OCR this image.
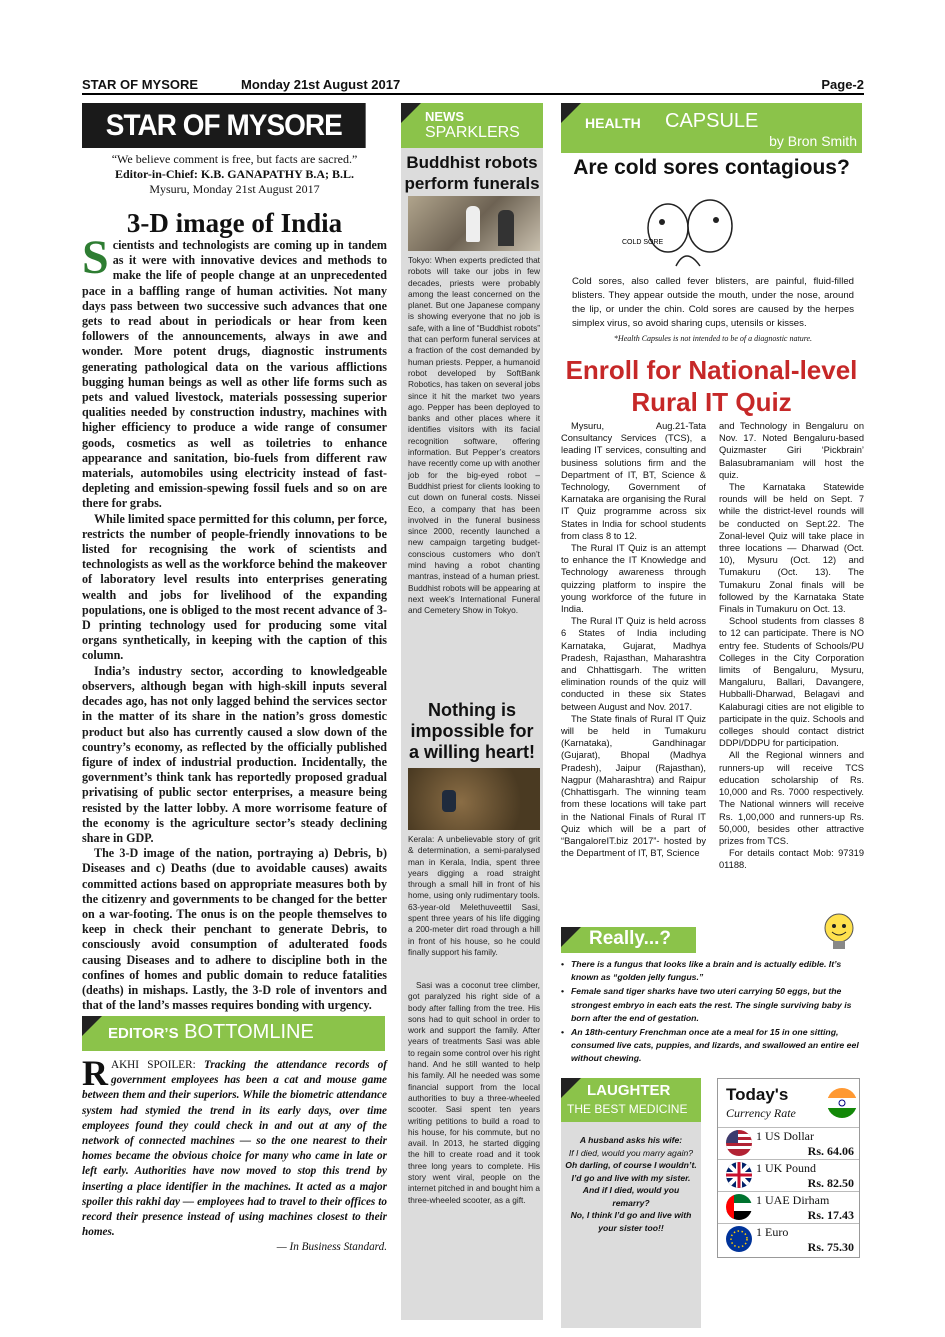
STAR OF MYSORE	Monday 21st August 2017	Page-2
STAR OF MYSORE
“We believe comment is free, but facts are sacred.”
Editor-in-Chief: K.B. GANAPATHY B.A; B.L.
Mysuru, Monday 21st August 2017
3-D image of India
S cientists and technologists are coming up in tandem as it were with innovative devices and methods to make the life of people change at an unprecedented pace in a baffling range of human activities. Not many days pass between two successive such advances that one gets to read about in periodicals or hear from keen followers of the announcements, always in awe and wonder. More potent drugs, diagnostic instruments generating pathological data on the various afflictions bugging human beings as well as other life forms such as pets and valued livestock, materials possessing superior qualities needed by construction industry, machines with higher efficiency to produce a wide range of consumer goods, cosmetics as well as toiletries to enhance appearance and sanitation, bio-fuels from different raw materials, automobiles using electricity instead of fast-depleting and emission-spewing fossil fuels and so on are there for grabs.

While limited space permitted for this column, per force, restricts the number of people-friendly innovations to be listed for recognising the work of scientists and technologists as well as the workforce behind the makeover of laboratory level results into enterprises generating wealth and jobs for livelihood of the expanding populations, one is obliged to the most recent advance of 3-D printing technology used for producing some vital organs synthetically, in keeping with the caption of this column.

India’s industry sector, according to knowledgeable observers, although began with high-skill inputs several decades ago, has not only lagged behind the services sector in the matter of its share in the nation’s gross domestic product but also has currently caused a slow down of the country’s economy, as reflected by the officially published figure of index of industrial production. Incidentally, the government’s think tank has reportedly proposed gradual privatising of public sector enterprises, a measure being resisted by the latter lobby. A more worrisome feature of the economy is the agriculture sector’s steady declining share in GDP.

The 3-D image of the nation, portraying a) Debris, b) Diseases and c) Deaths (due to avoidable causes) awaits committed actions based on appropriate measures both by the citizenry and governments to be changed for the better on a war-footing. The onus is on the people themselves to keep in check their penchant to generate Debris, to consciously avoid consumption of adulterated foods causing Diseases and to adhere to discipline both in the confines of homes and public domain to reduce fatalities (deaths) in mishaps. Lastly, the 3-D role of inventors and that of the land’s masses requires bonding with urgency.

EDITOR’S BOTTOMLINE
R AKHI SPOILER: Tracking the attendance records of government employees has been a cat and mouse game between them and their superiors. While the biometric attendance system had stymied the trend in its early days, over time employees found they could check in and out at any of the network of connected machines — so the one nearest to their homes became the obvious choice for many who came in late or left early. Authorities have now moved to stop this trend by inserting a place identifier in the machines. It acted as a major spoiler this rakhi day — employees had to travel to their offices to record their presence instead of using machines closest to their homes.
— In Business Standard.
NEWS
SPARKLERS
Buddhist robots perform funerals
Tokyo: When experts predicted that robots will take our jobs in few decades, priests were probably among the least concerned on the planet. But one Japanese company is showing everyone that no job is safe, with a line of “Buddhist robots” that can perform funeral services at a fraction of the cost demanded by human priests. Pepper, a humanoid robot developed by SoftBank Robotics, has taken on several jobs since it hit the market two years ago. Pepper has been deployed to banks and other places where it identifies visitors with its facial recognition software, offering information. But Pepper’s creators have recently come up with another job for the big-eyed robot – Buddhist priest for clients looking to cut down on funeral costs. Nissei Eco, a company that has been involved in the funeral business since 2000, recently launched a new campaign targeting budget-conscious customers who don’t mind having a robot chanting mantras, instead of a human priest. Buddhist robots will be appearing at next week’s International Funeral and Cemetery Show in Tokyo.
Nothing is impossible for a willing heart!
Kerala: A unbelievable story of grit & determination, a semi-paralysed man in Kerala, India, spent three years digging a road straight through a small hill in front of his home, using only rudimentary tools. 63-year-old Melethuveettil Sasi, spent three years of his life digging a 200-meter dirt road through a hill in front of his house, so he could finally support his family.
Sasi was a coconut tree climber, got paralyzed his right side of a body after falling from the tree. His sons had to quit school in order to work and support the family. After years of treatments Sasi was able to regain some control over his right hand. And he still wanted to help his family. All he needed was some financial support from the local authorities to buy a three-wheeled scooter. Sasi spent ten years writing petitions to build a road to his house, for his commute, but no avail. In 2013, he started digging the hill to create road and it took three long years to complete. His story went viral, people on the internet pitched in and bought him a three-wheeled scooter, as a gift.
HEALTH CAPSULE
by Bron Smith
Are cold sores contagious?
COLD SORE
Cold sores, also called fever blisters, are painful, fluid-filled blisters. They appear outside the mouth, under the nose, around the lip, or under the chin. Cold sores are caused by the herpes simplex virus, so avoid sharing cups, utensils or kisses.
*Health Capsules is not intended to be of a diagnostic nature.
Enroll for National-level Rural IT Quiz

Mysuru, Aug.21-Tata Consultancy Services (TCS), a leading IT services, consulting and business solutions firm and the Department of IT, BT, Science & Technology, Government of Karnataka are organising the Rural IT Quiz programme across six States in India for school students from class 8 to 12.

The Rural IT Quiz is an attempt to enhance the IT Knowledge and Technology awareness through quizzing platform to inspire the young workforce of the future in India.

The Rural IT Quiz is held across 6 States of India including Karnataka, Gujarat, Madhya Pradesh, Rajasthan, Maharashtra and Chhattisgarh. The written elimination rounds of the quiz will conducted in these six States between August and Nov. 2017.

The State finals of Rural IT Quiz will be held in Tumakuru (Karnataka), Gandhinagar (Gujarat), Bhopal (Madhya Pradesh), Jaipur (Rajasthan), Nagpur (Maharashtra) and Raipur (Chhattisgarh. The winning team from these locations will take part in the National Finals of Rural IT Quiz which will be a part of “BangaloreIT.biz 2017”- hosted by the Department of IT, BT, Science

and Technology in Bengaluru on Nov. 17. Noted Bengaluru-based Quizmaster Giri ‘Pickbrain’ Balasubramaniam will host the quiz.

The Karnataka Statewide rounds will be held on Sept. 7 while the district-level rounds will be conducted on Sept.22. The Zonal-level Quiz will take place in three locations — Dharwad (Oct. 10), Mysuru (Oct. 12) and Tumakuru (Oct. 13). The Tumakuru Zonal finals will be followed by the Karnataka State Finals in Tumakuru on Oct. 13.

School students from classes 8 to 12 can participate. There is NO entry fee. Students of Schools/PU Colleges in the City Corporation limits of Bengaluru, Mysuru, Mangaluru, Ballari, Davangere, Hubballi-Dharwad, Belagavi and Kalaburagi cities are not eligible to participate in the quiz. Schools and colleges should contact district DDPI/DDPU for participation.

All the Regional winners and runners-up will receive TCS education scholarship of Rs. 10,000 and Rs. 7000 respectively. The National winners will receive Rs. 1,00,000 and runners-up Rs. 50,000, besides other attractive prizes from TCS.

For details contact Mob: 97319 01188.

Really...?
• There is a fungus that looks like a brain and is actually edible. It’s known as “golden jelly fungus.”
• Female sand tiger sharks have two uteri carrying 50 eggs, but the strongest embryo in each eats the rest. The single surviving baby is born after the end of gestation.
• An 18th-century Frenchman once ate a meal for 15 in one sitting, consumed live cats, puppies, and lizards, and swallowed an entire eel without chewing.
LAUGHTER
THE BEST MEDICINE
A husband asks his wife:
If I died, would you marry again?
Oh darling, of course I wouldn’t. I’d go and live with my sister. And if I died, would you remarry?
No, I think I’d go and live with your sister too!!
Today's
Currency Rate
1 US Dollar
Rs. 64.06
1 UK Pound
Rs. 82.50
1 UAE Dirham
Rs. 17.43
1 Euro
Rs. 75.30
